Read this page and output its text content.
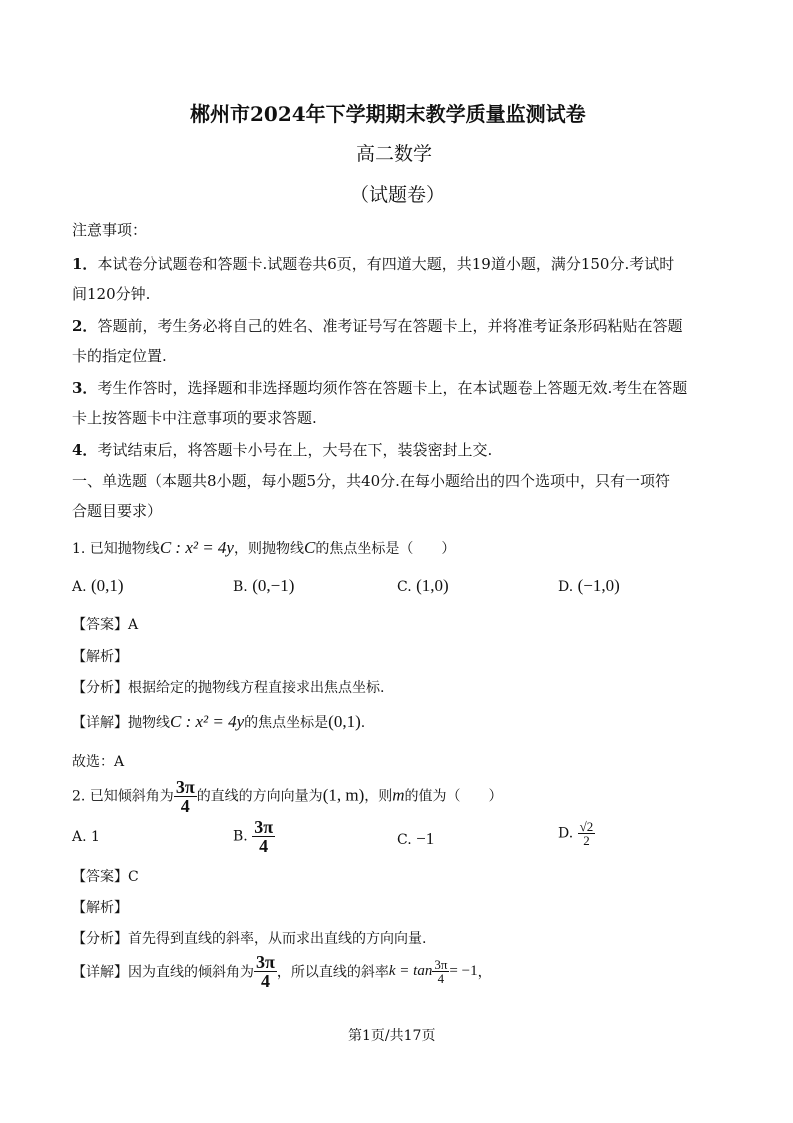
郴州市2024年下学期期末教学质量监测试卷
高二数学
（试题卷）
注意事项：
1．本试卷分试题卷和答题卡.试题卷共6页，有四道大题，共19道小题，满分150分.考试时
间120分钟.
2．答题前，考生务必将自己的姓名、准考证号写在答题卡上，并将准考证条形码粘贴在答题
卡的指定位置.
3．考生作答时，选择题和非选择题均须作答在答题卡上，在本试题卷上答题无效.考生在答题
卡上按答题卡中注意事项的要求答题.
4．考试结束后，将答题卡小号在上，大号在下，装袋密封上交.
一、单选题（本题共8小题，每小题5分，共40分.在每小题给出的四个选项中，只有一项符
合题目要求）
1. 已知抛物线C : x² = 4y，则抛物线C的焦点坐标是（　　）
A. (0,1)	B. (0,−1)	C. (1,0)	D. (−1,0)
【答案】A
【解析】
【分析】根据给定的抛物线方程直接求出焦点坐标.
【详解】抛物线C : x² = 4y的焦点坐标是(0,1).
故选：A
2. 已知倾斜角为 $\frac{3\pi}{4}$ 的直线的方向向量为(1, m)，则m的值为（　　）
A. 1	B. $\frac{3\pi}{4}$	C. −1	D. $\frac{√2}{2}$
【答案】C
【解析】
【分析】首先得到直线的斜率，从而求出直线的方向向量.
【详解】因为直线的倾斜角为 $\frac{3\pi}{4}$ ，所以直线的斜率$k = \tan \frac{3\pi}{4} = -1$，
第1页/共17页
